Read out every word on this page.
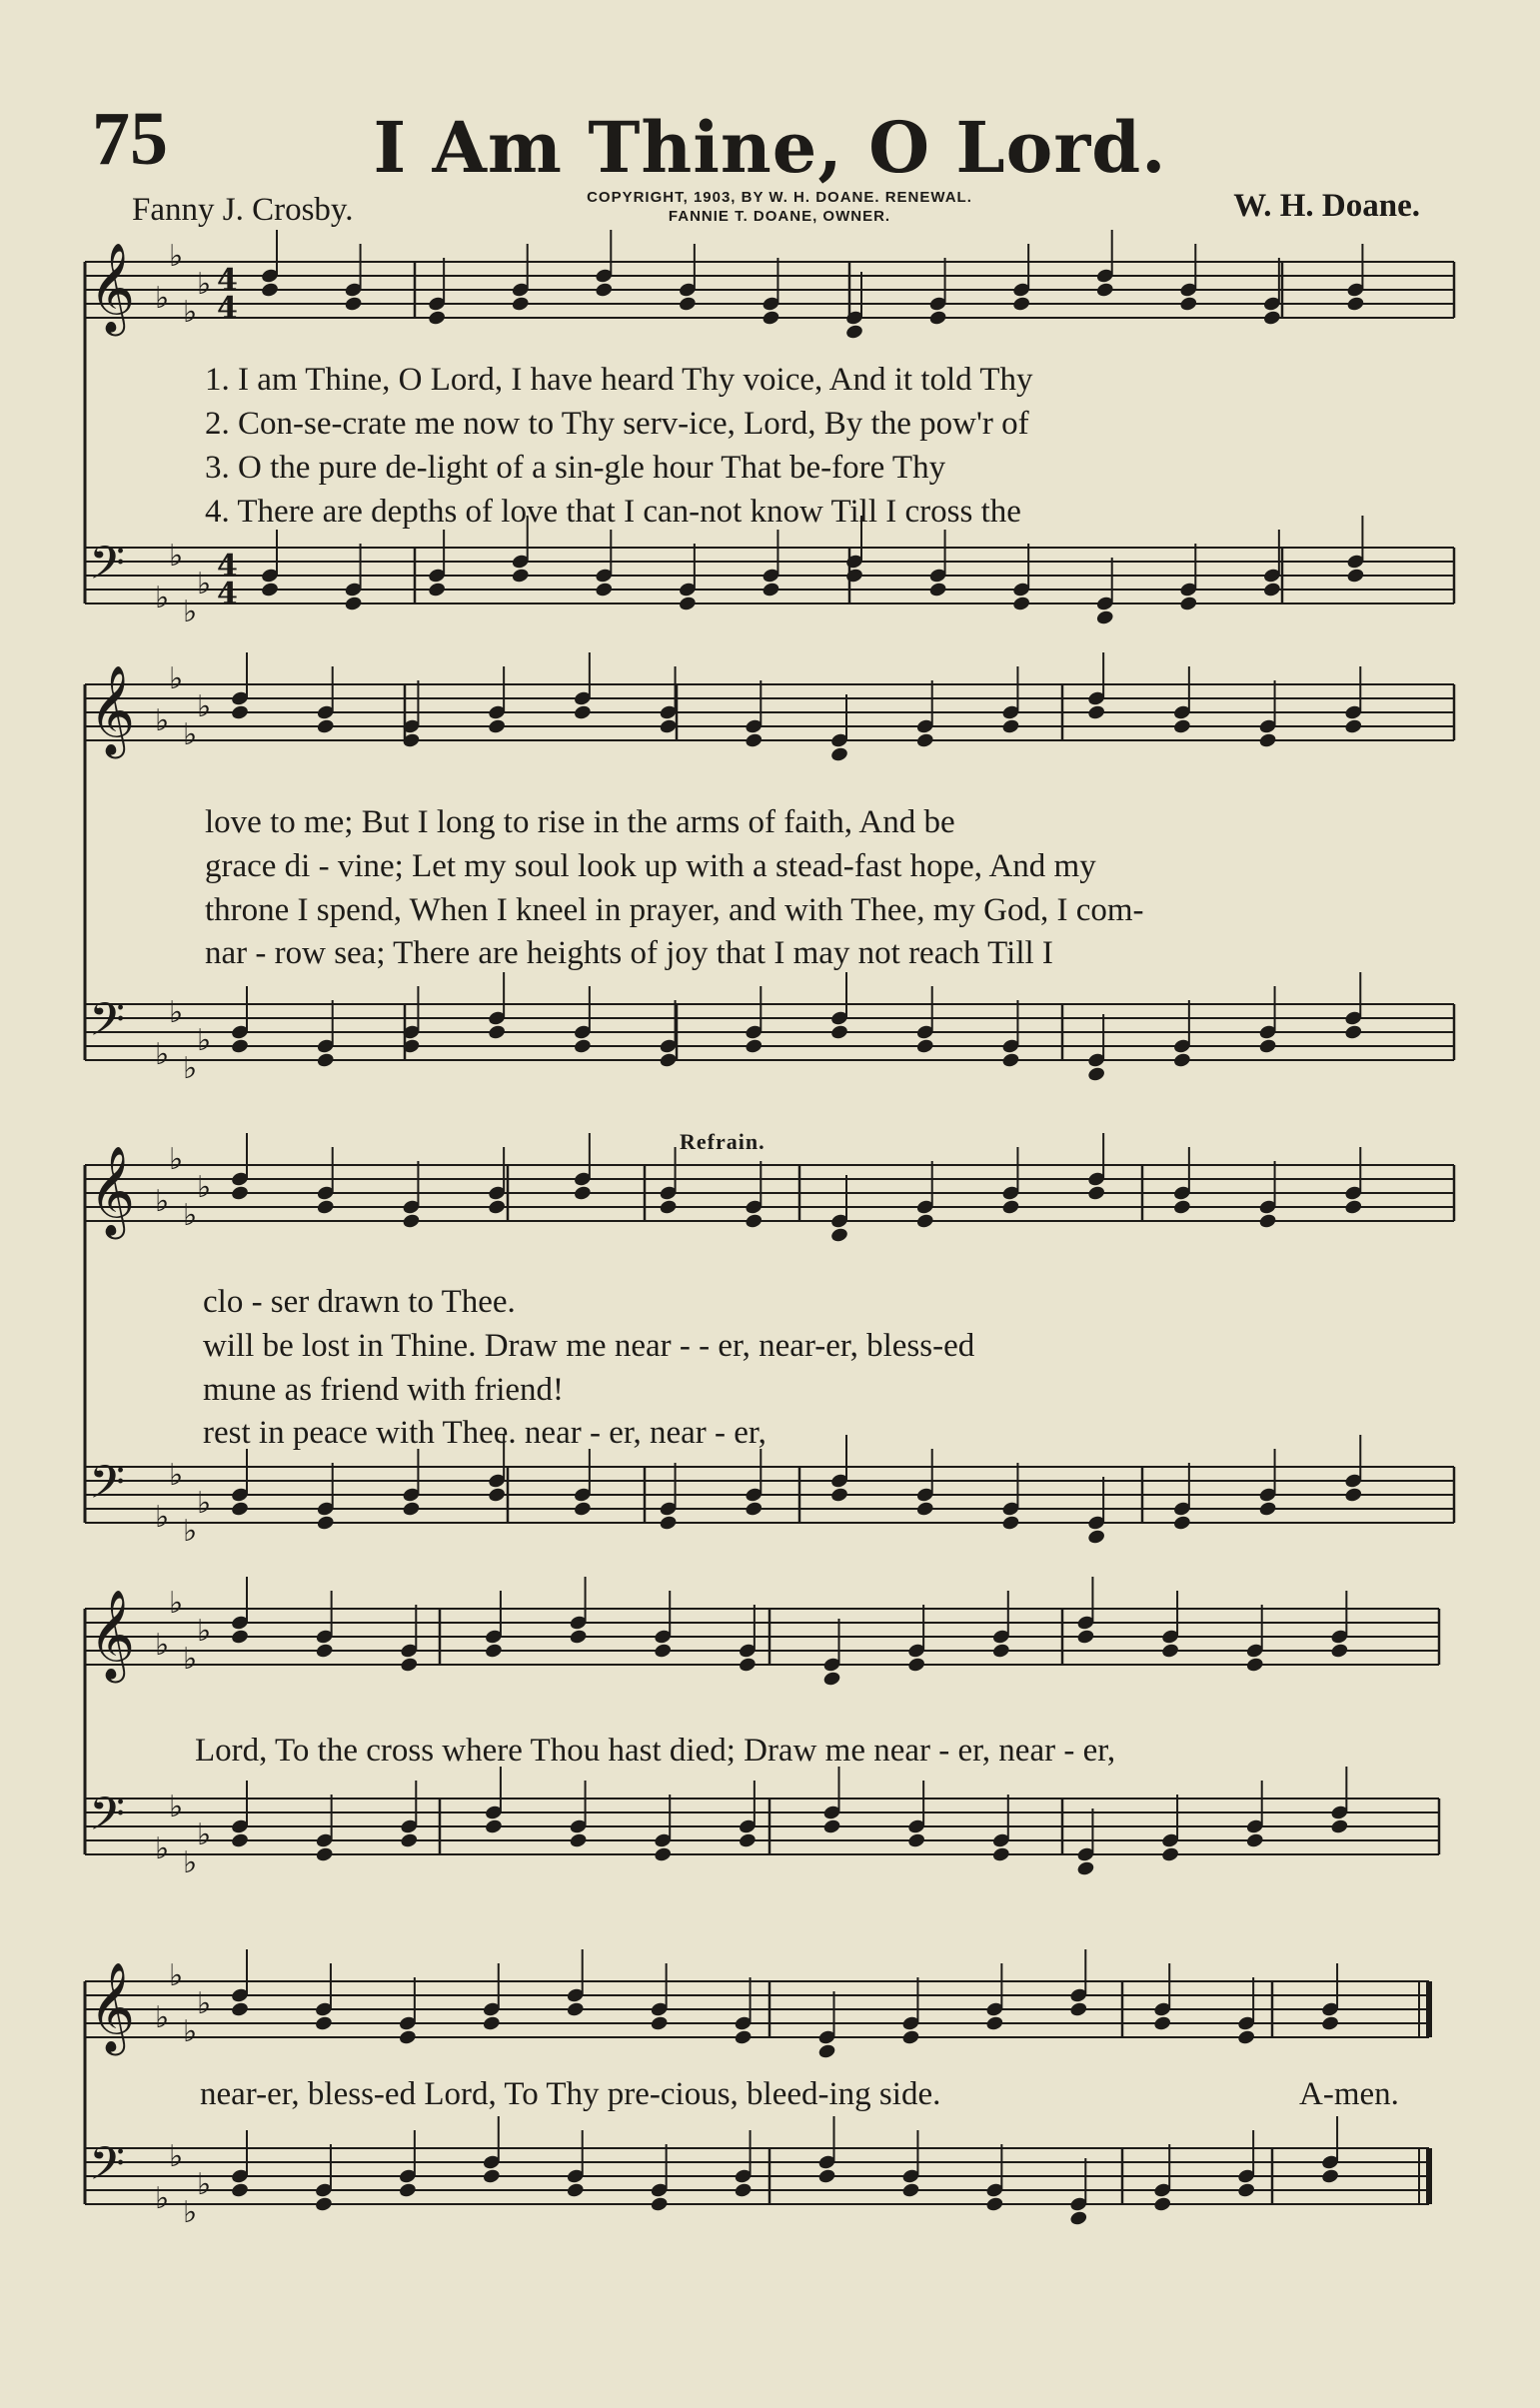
75	I Am Thine, O Lord.
Fanny J. Crosby.	COPYRIGHT, 1903, BY W. H. DOANE. RENEWAL.
FANNIE T. DOANE, OWNER.	W. H. Doane.
𝄞 ♭
♭
♭
♭ 4
4
𝄢 ♭
♭
♭
♭
4
4
𝄞 ♭
♭
♭
♭
𝄢 ♭
♭
♭
♭
𝄞 ♭
♭
♭
♭
𝄢 ♭
♭
♭
♭
𝄞 ♭
♭
♭
♭
𝄢 ♭
♭
♭
♭
𝄞 ♭
♭
♭
♭
𝄢 ♭
♭
♭
♭
1. I am Thine, O Lord, I have heard Thy voice, And it told Thy
2. Con-se-crate me now to Thy serv-ice, Lord, By the pow'r of
3. O the pure de-light of a sin-gle hour That be-fore Thy
4. There are depths of love that I can-not know Till I cross the
love to me; But I long to rise in the arms of faith, And be
grace di - vine; Let my soul look up with a stead-fast hope, And my
throne I spend, When I kneel in prayer, and with Thee, my God, I com-
nar - row sea; There are heights of joy that I may not reach Till I
Refrain.
clo - ser drawn to Thee.
will be lost in Thine. Draw me near - - er, near-er, bless-ed
mune as friend with friend!
rest in peace with Thee. near - er, near - er,
Lord, To the cross where Thou hast died; Draw me near - er, near - er,
near-er, bless-ed Lord, To Thy pre-cious, bleed-ing side.	A-men.
